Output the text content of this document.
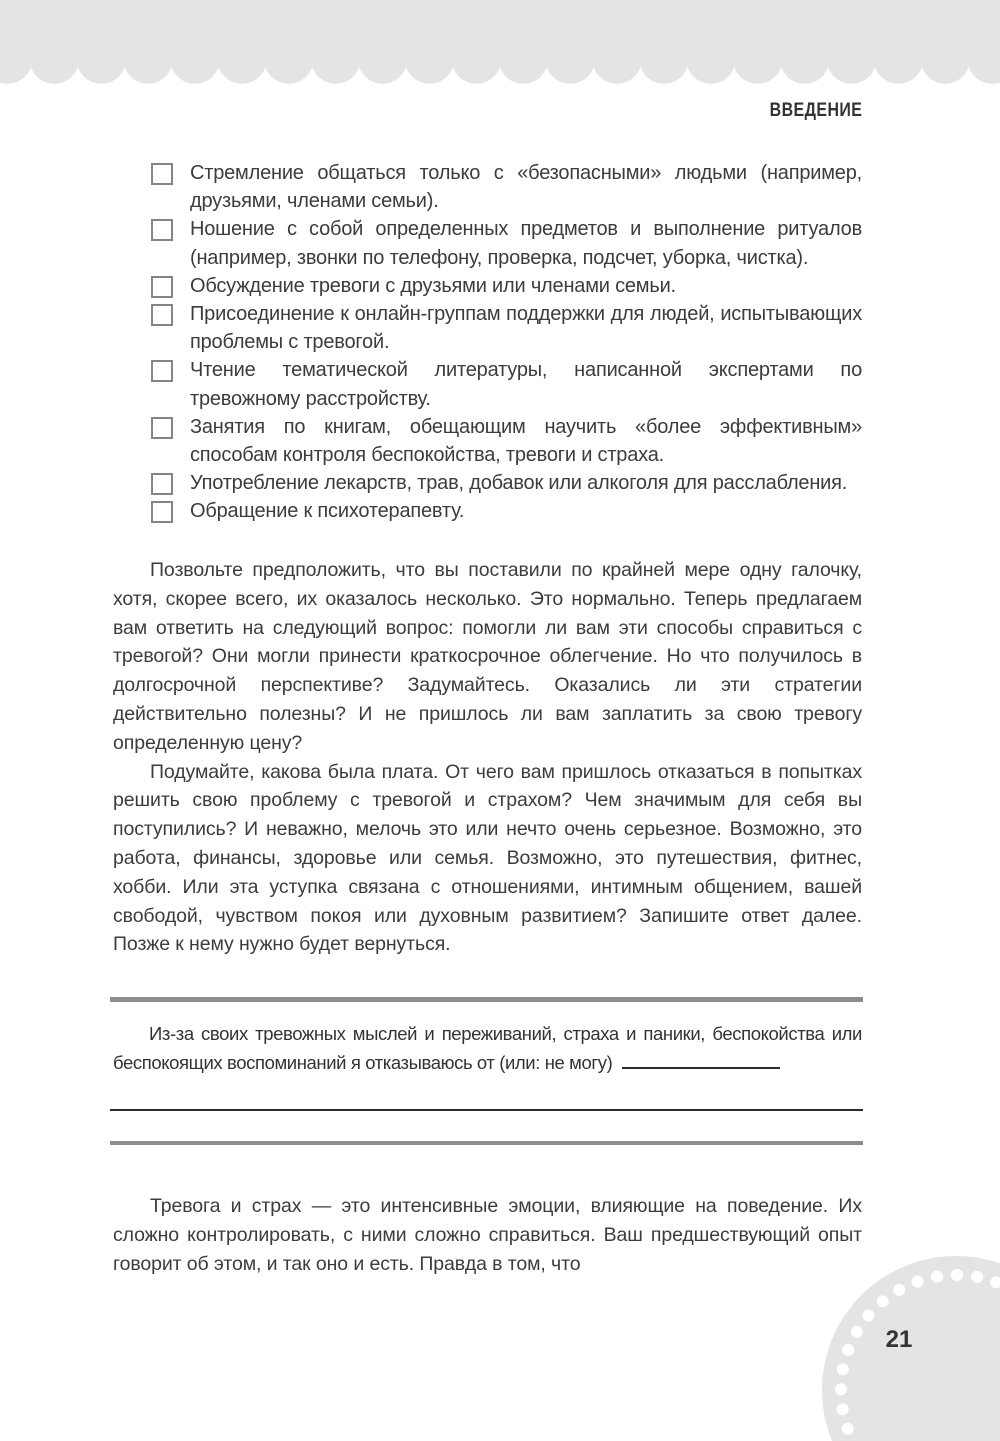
ВВЕДЕНИЕ
Стремление общаться только с «безопасными» людьми (например, друзьями, членами семьи).
Ношение с собой определенных предметов и выполнение ритуалов (например, звонки по телефону, проверка, подсчет, уборка, чистка).
Обсуждение тревоги с друзьями или членами семьи.
Присоединение к онлайн-группам поддержки для людей, испытывающих проблемы с тревогой.
Чтение тематической литературы, написанной экспертами по тревожному расстройству.
Занятия по книгам, обещающим научить «более эффективным» способам контроля беспокойства, тревоги и страха.
Употребление лекарств, трав, добавок или алкоголя для расслабления.
Обращение к психотерапевту.

Позвольте предположить, что вы поставили по крайней мере одну галочку, хотя, скорее всего, их оказалось несколько. Это нормально. Теперь предлагаем вам ответить на следующий вопрос: помогли ли вам эти способы справиться с тревогой? Они могли принести краткосрочное облегчение. Но что получилось в долгосрочной перспективе? Задумайтесь. Оказались ли эти стратегии действительно полезны? И не пришлось ли вам заплатить за свою тревогу определенную цену?

Подумайте, какова была плата. От чего вам пришлось отказаться в попытках решить свою проблему с тревогой и страхом? Чем значимым для себя вы поступились? И неважно, мелочь это или нечто очень серьезное. Возможно, это работа, финансы, здоровье или семья. Возможно, это путешествия, фитнес, хобби. Или эта уступка связана с отношениями, интимным общением, вашей свободой, чувством покоя или духовным развитием? Запишите ответ далее. Позже к нему нужно будет вернуться.

Из-за своих тревожных мыслей и переживаний, страха и паники, беспокойства или беспокоящих воспоминаний я отказываюсь от (или: не могу)

Тревога и страх — это интенсивные эмоции, влияющие на поведение. Их сложно контролировать, с ними сложно справиться. Ваш предшествующий опыт говорит об этом, и так оно и есть. Правда в том, что

21
